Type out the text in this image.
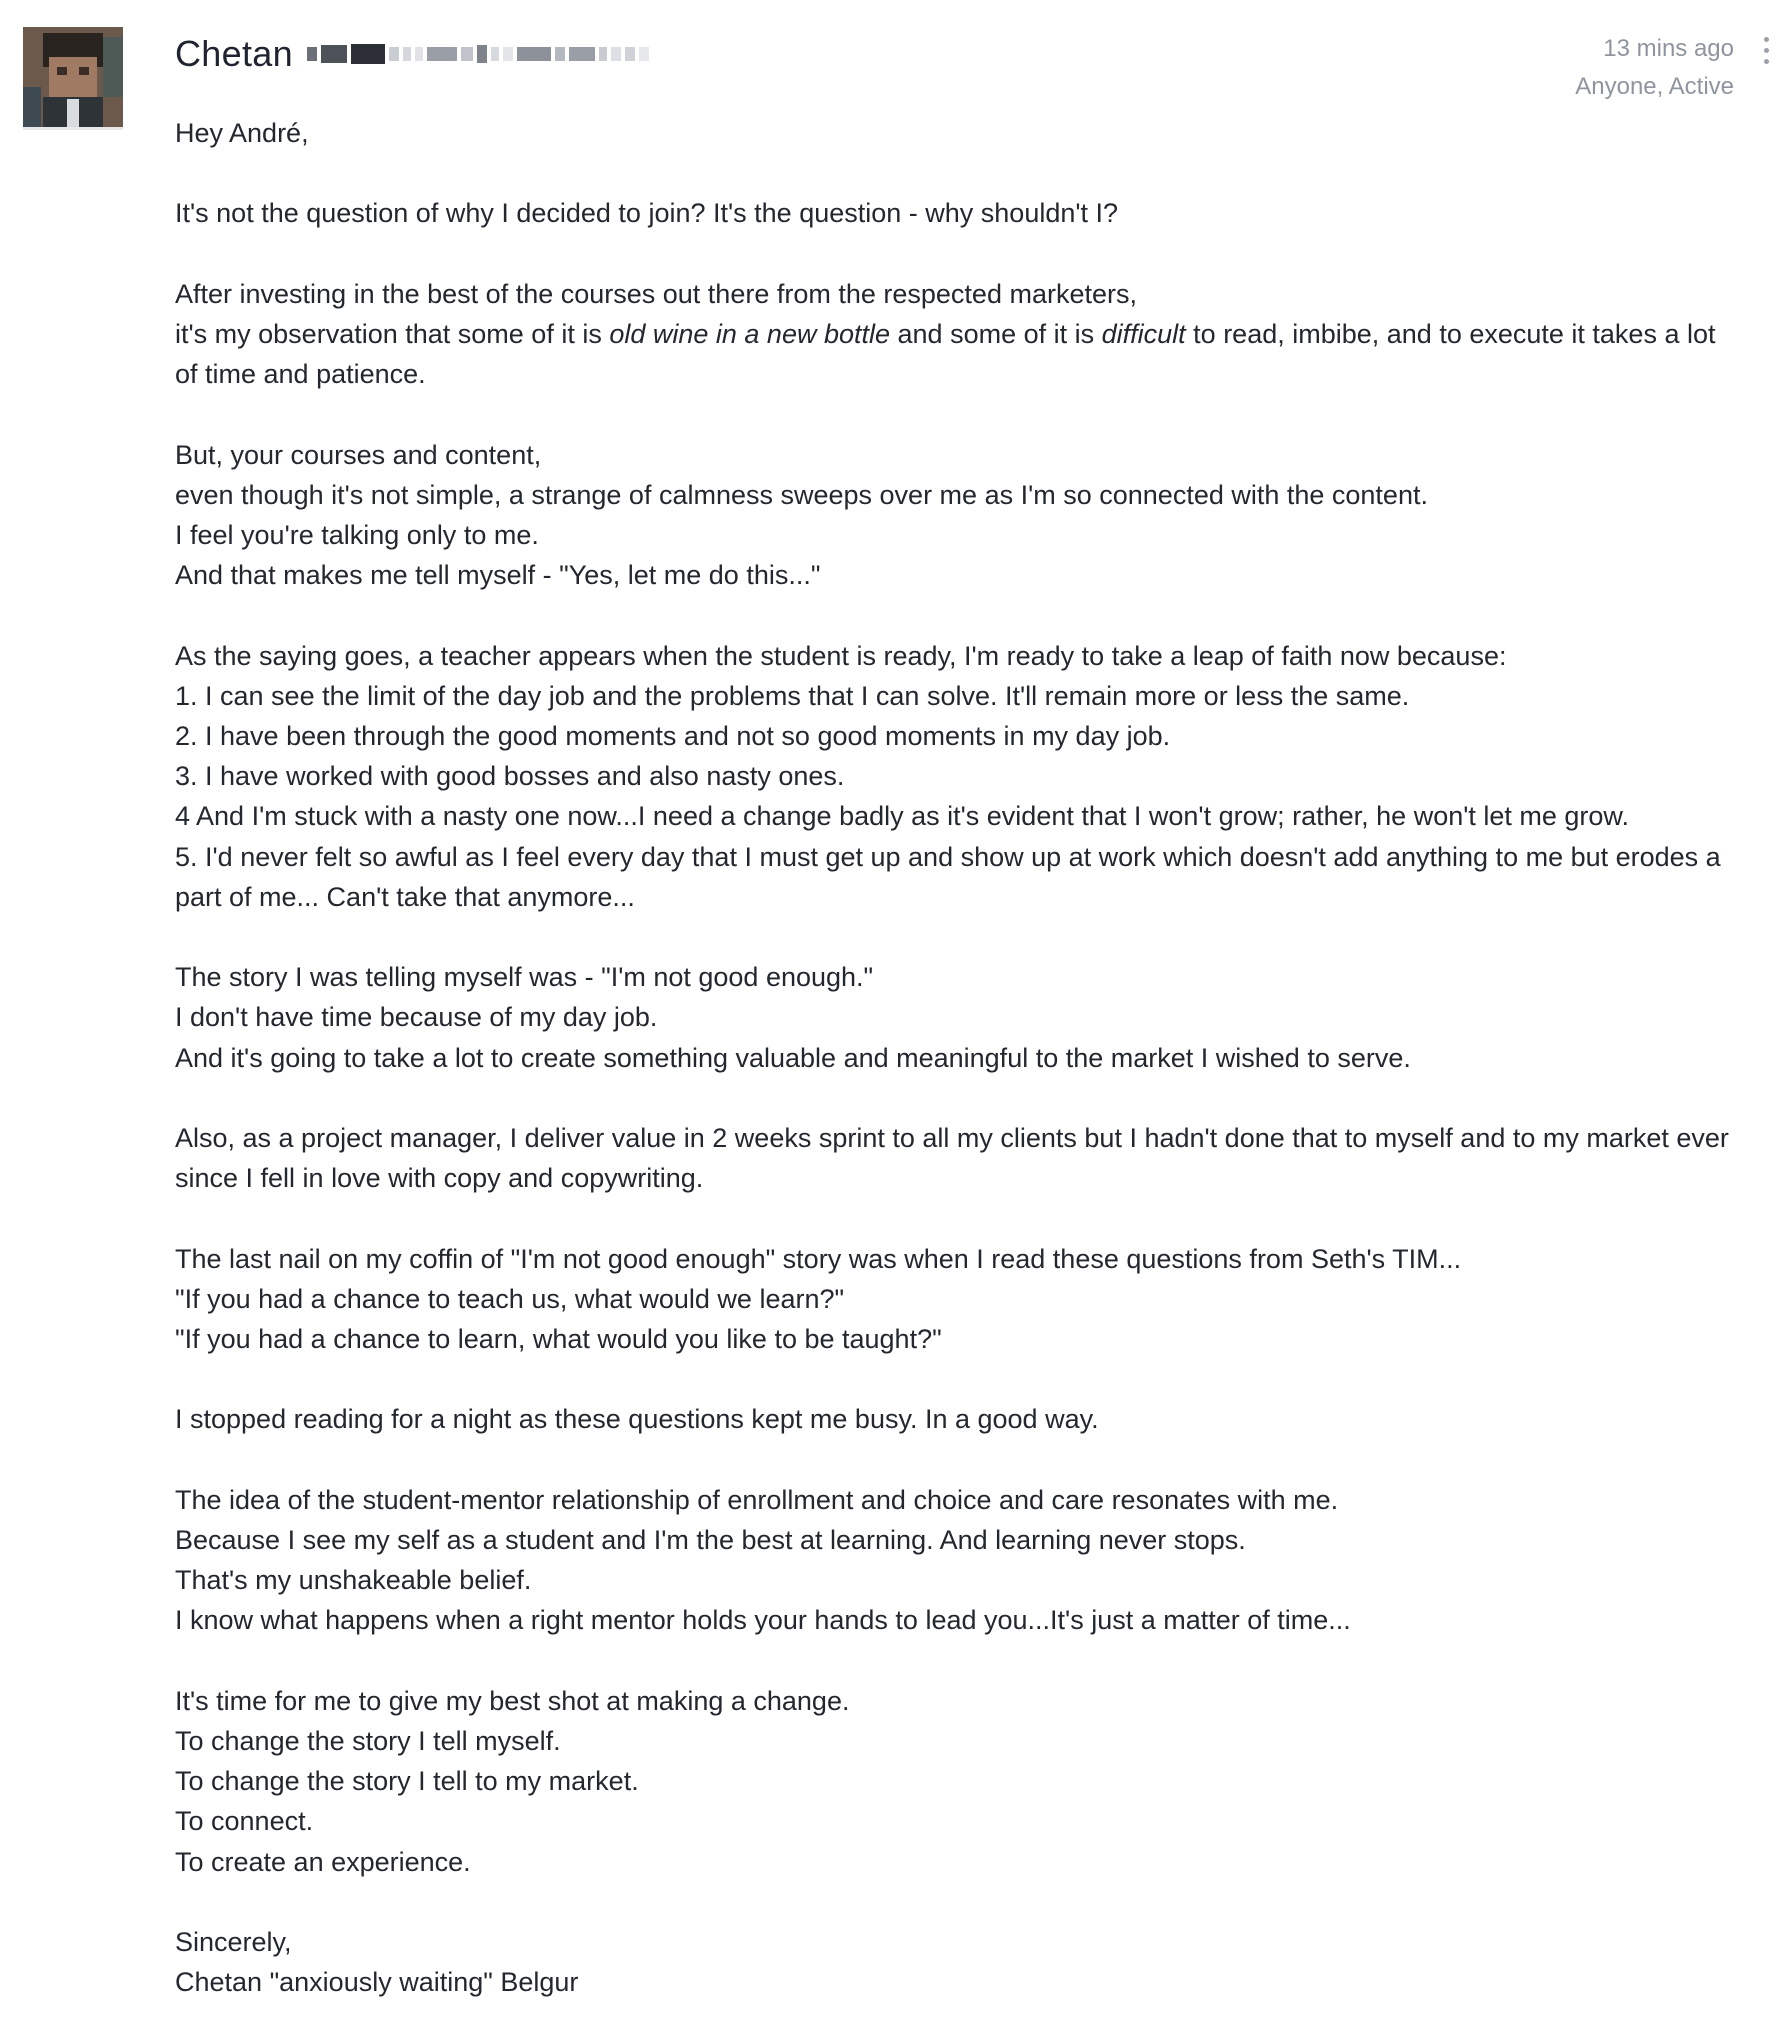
Chetan	13 mins ago
Anyone, Active

Hey André,

It's not the question of why I decided to join? It's the question - why shouldn't I?

After investing in the best of the courses out there from the respected marketers,
it's my observation that some of it is old wine in a new bottle and some of it is difficult to read, imbibe, and to execute it takes a lot of time and patience.

But, your courses and content,
even though it's not simple, a strange of calmness sweeps over me as I'm so connected with the content.
I feel you're talking only to me.
And that makes me tell myself - "Yes, let me do this..."

As the saying goes, a teacher appears when the student is ready, I'm ready to take a leap of faith now because:
1. I can see the limit of the day job and the problems that I can solve. It'll remain more or less the same.
2. I have been through the good moments and not so good moments in my day job.
3. I have worked with good bosses and also nasty ones.
4 And I'm stuck with a nasty one now...I need a change badly as it's evident that I won't grow; rather, he won't let me grow.
5. I'd never felt so awful as I feel every day that I must get up and show up at work which doesn't add anything to me but erodes a part of me... Can't take that anymore...

The story I was telling myself was - "I'm not good enough."
I don't have time because of my day job.
And it's going to take a lot to create something valuable and meaningful to the market I wished to serve.

Also, as a project manager, I deliver value in 2 weeks sprint to all my clients but I hadn't done that to myself and to my market ever since I fell in love with copy and copywriting.

The last nail on my coffin of "I'm not good enough" story was when I read these questions from Seth's TIM...
"If you had a chance to teach us, what would we learn?"
"If you had a chance to learn, what would you like to be taught?"

I stopped reading for a night as these questions kept me busy. In a good way.

The idea of the student-mentor relationship of enrollment and choice and care resonates with me.
Because I see my self as a student and I'm the best at learning. And learning never stops.
That's my unshakeable belief.
I know what happens when a right mentor holds your hands to lead you...It's just a matter of time...

It's time for me to give my best shot at making a change.
To change the story I tell myself.
To change the story I tell to my market.
To connect.
To create an experience.

Sincerely,
Chetan "anxiously waiting" Belgur
